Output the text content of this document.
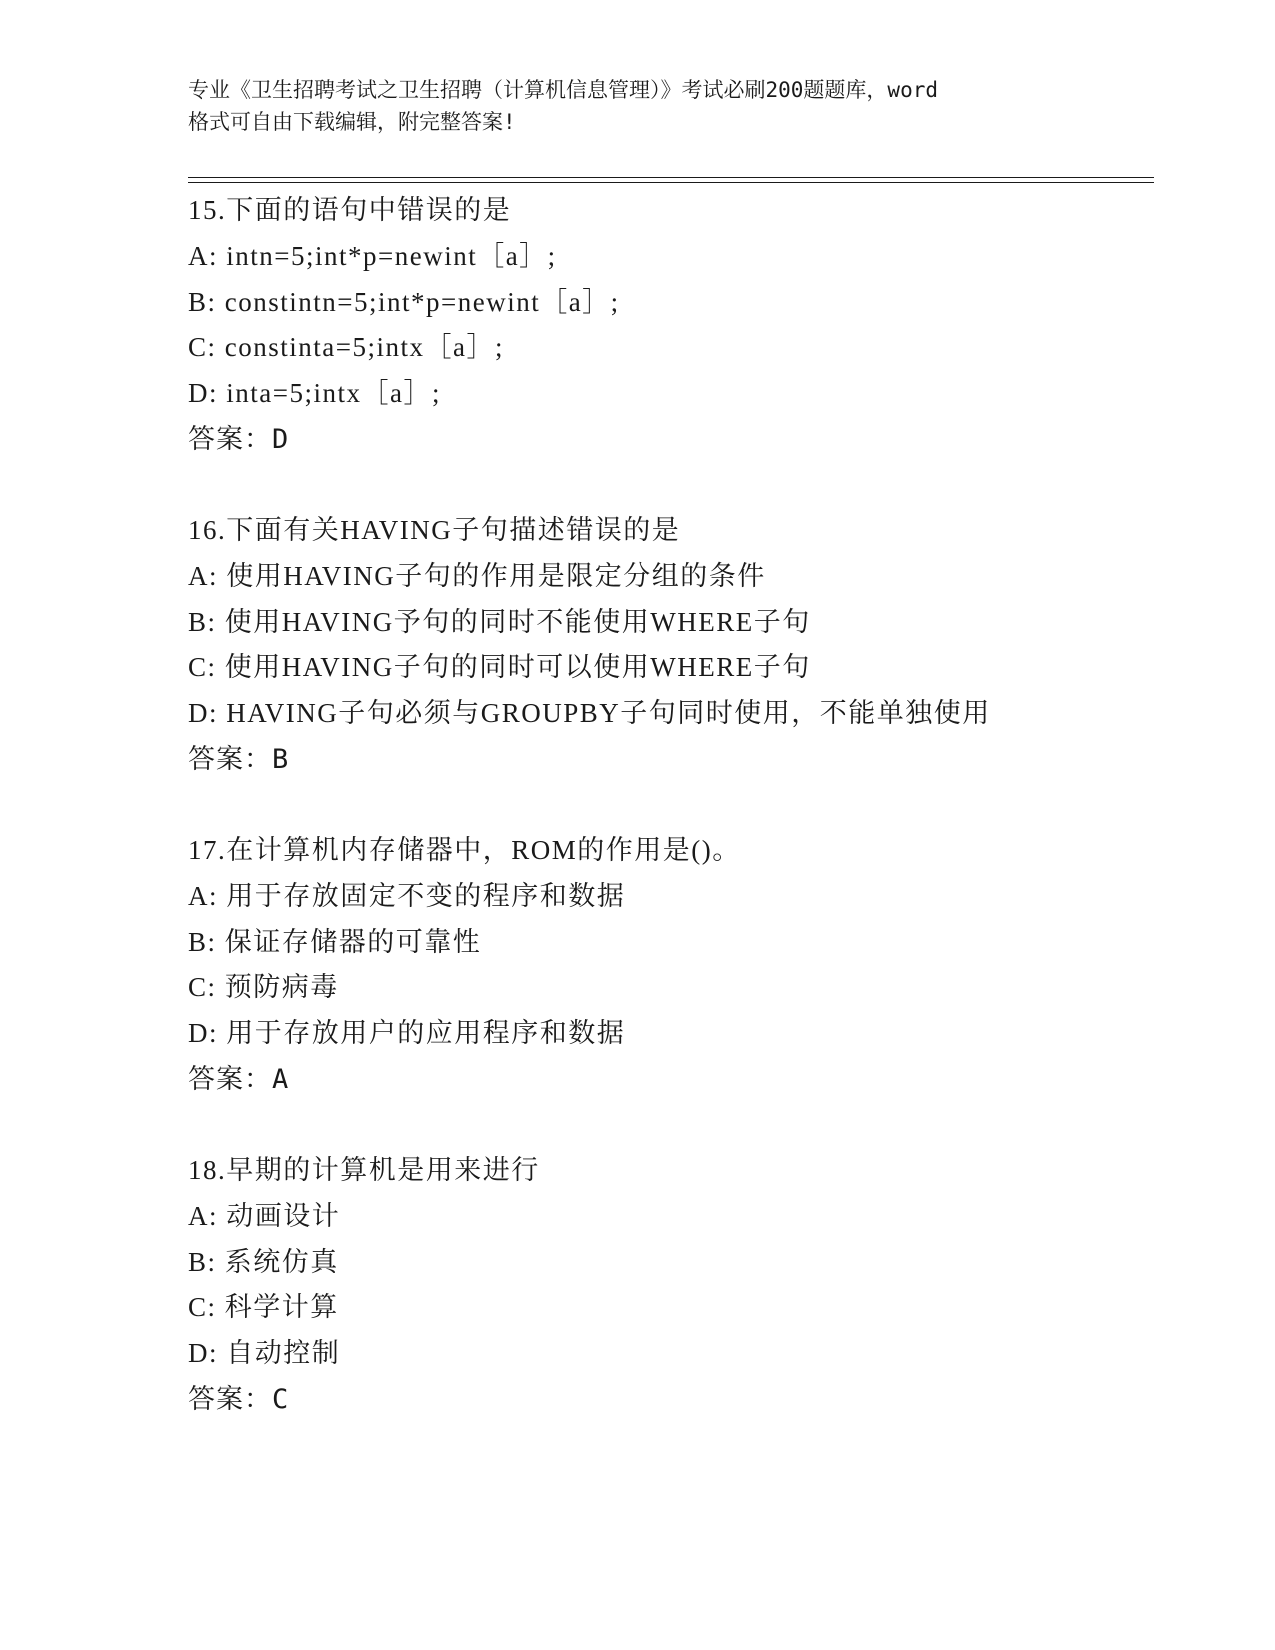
专业《卫生招聘考试之卫生招聘（计算机信息管理）》考试必刷200题题库，word
格式可自由下载编辑，附完整答案!
15.下面的语句中错误的是
A: intn=5;int*p=newint［a］;
B: constintn=5;int*p=newint［a］;
C: constinta=5;intx［a］;
D: inta=5;intx［a］;
答案：D
16.下面有关HAVING子句描述错误的是
A: 使用HAVING子句的作用是限定分组的条件
B: 使用HAVING予句的同时不能使用WHERE子句
C: 使用HAVING子句的同时可以使用WHERE子句
D: HAVING子句必须与GROUPBY子句同时使用，不能单独使用
答案：B
17.在计算机内存储器中，ROM的作用是()。
A: 用于存放固定不变的程序和数据
B: 保证存储器的可靠性
C: 预防病毒
D: 用于存放用户的应用程序和数据
答案：A
18.早期的计算机是用来进行
A: 动画设计
B: 系统仿真
C: 科学计算
D: 自动控制
答案：C
